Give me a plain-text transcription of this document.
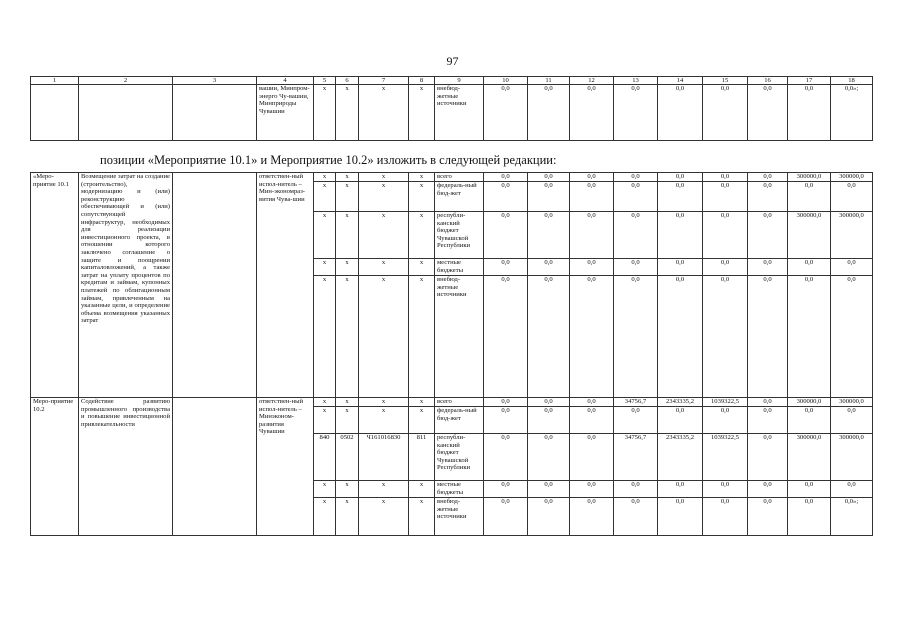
97
1	2	3	4	5	6	7	8	9	10	11	12	13	14	15	16	17	18
			вашии, Минпром-энерго Чу-вашии, Минприроды Чувашии	x	x	x	x	внебюд-жетные источники	0,0	0,0	0,0	0,0	0,0	0,0	0,0	0,0	0,0»;
позиции «Мероприятие 10.1» и Мероприятие 10.2» изложить в следующей редакции:
«Меро-приятие 10.1	Возмещение затрат на создание (строительство), модернизацию и (или) реконструкцию обеспечивающей и (или) сопутствующей инфраструктур, необходимых для реализации инвестиционного проекта, в отношении которого заключено соглашение о защите и поощрении капиталовложений, а также затрат на уплату процентов по кредитам и займам, купонных платежей по облигационным займам, привлеченным на указанные цели, и определение объема возмещения указанных затрат		ответствен-ный испол-нитель – Мин-экономраз-вития Чува-шии	x	x	x	x	всего	0,0	0,0	0,0	0,0	0,0	0,0	0,0	300000,0	300000,0
				x	x	x	x	федераль-ный бюд-жет	0,0	0,0	0,0	0,0	0,0	0,0	0,0	0,0	0,0
				x	x	x	x	республи-канский бюджет Чувашской Республики	0,0	0,0	0,0	0,0	0,0	0,0	0,0	300000,0	300000,0
				x	x	x	x	местные бюджеты	0,0	0,0	0,0	0,0	0,0	0,0	0,0	0,0	0,0
				x	x	x	x	внебюд-жетные источники	0,0	0,0	0,0	0,0	0,0	0,0	0,0	0,0	0,0
Меро-приятие 10.2	Содействие развитию промышленного производства и повышение инвестиционной привлекательности		ответствен-ный испол-нитель – Минэконом-развития Чувашии	x	x	x	x	всего	0,0	0,0	0,0	34756,7	2343335,2	1039322,5	0,0	300000,0	300000,0
				x	x	x	x	федераль-ный бюд-жет	0,0	0,0	0,0	0,0	0,0	0,0	0,0	0,0	0,0
				840	0502	Ч161016830	811	республи-канский бюджет Чувашской Республики	0,0	0,0	0,0	34756,7	2343335,2	1039322,5	0,0	300000,0	300000,0
				x	x	x	x	местные бюджеты	0,0	0,0	0,0	0,0	0,0	0,0	0,0	0,0	0,0
				x	x	x	x	внебюд-жетные источники	0,0	0,0	0,0	0,0	0,0	0,0	0,0	0,0	0,0»;
